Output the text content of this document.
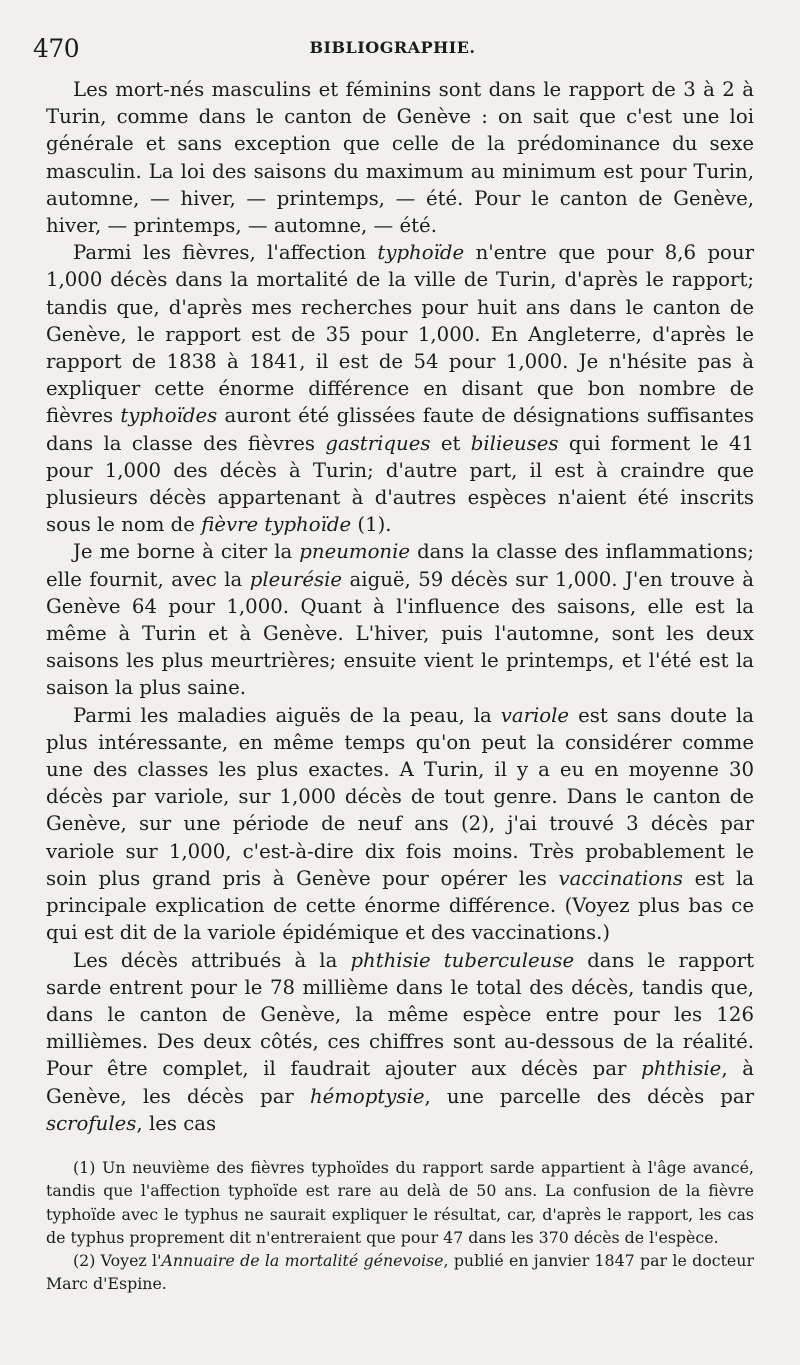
470	BIBLIOGRAPHIE.

Les mort-nés masculins et féminins sont dans le rapport de 3 à 2 à Turin, comme dans le canton de Genève : on sait que c'est une loi générale et sans exception que celle de la prédominance du sexe masculin. La loi des saisons du maximum au minimum est pour Turin, automne, — hiver, — printemps, — été. Pour le canton de Genève, hiver, — printemps, — automne, — été.

Parmi les fièvres, l'affection typhoïde n'entre que pour 8,6 pour 1,000 décès dans la mortalité de la ville de Turin, d'après le rapport; tandis que, d'après mes recherches pour huit ans dans le canton de Genève, le rapport est de 35 pour 1,000. En Angleterre, d'après le rapport de 1838 à 1841, il est de 54 pour 1,000. Je n'hésite pas à expliquer cette énorme différence en disant que bon nombre de fièvres typhoïdes auront été glissées faute de désignations suffisantes dans la classe des fièvres gastriques et bilieuses qui forment le 41 pour 1,000 des décès à Turin; d'autre part, il est à craindre que plusieurs décès appartenant à d'autres espèces n'aient été inscrits sous le nom de fièvre typhoïde (1).

Je me borne à citer la pneumonie dans la classe des inflammations; elle fournit, avec la pleurésie aiguë, 59 décès sur 1,000. J'en trouve à Genève 64 pour 1,000. Quant à l'influence des saisons, elle est la même à Turin et à Genève. L'hiver, puis l'automne, sont les deux saisons les plus meurtrières; ensuite vient le printemps, et l'été est la saison la plus saine.

Parmi les maladies aiguës de la peau, la variole est sans doute la plus intéressante, en même temps qu'on peut la considérer comme une des classes les plus exactes. A Turin, il y a eu en moyenne 30 décès par variole, sur 1,000 décès de tout genre. Dans le canton de Genève, sur une période de neuf ans (2), j'ai trouvé 3 décès par variole sur 1,000, c'est-à-dire dix fois moins. Très probablement le soin plus grand pris à Genève pour opérer les vaccinations est la principale explication de cette énorme différence. (Voyez plus bas ce qui est dit de la variole épidémique et des vaccinations.)

Les décès attribués à la phthisie tuberculeuse dans le rapport sarde entrent pour le 78 millième dans le total des décès, tandis que, dans le canton de Genève, la même espèce entre pour les 126 millièmes. Des deux côtés, ces chiffres sont au-dessous de la réalité. Pour être complet, il faudrait ajouter aux décès par phthisie, à Genève, les décès par hémoptysie, une parcelle des décès par scrofules, les cas

(1) Un neuvième des fièvres typhoïdes du rapport sarde appartient à l'âge avancé, tandis que l'affection typhoïde est rare au delà de 50 ans. La confusion de la fièvre typhoïde avec le typhus ne saurait expliquer le résultat, car, d'après le rapport, les cas de typhus proprement dit n'entreraient que pour 47 dans les 370 décès de l'espèce.

(2) Voyez l'Annuaire de la mortalité génevoise, publié en janvier 1847 par le docteur Marc d'Espine.
